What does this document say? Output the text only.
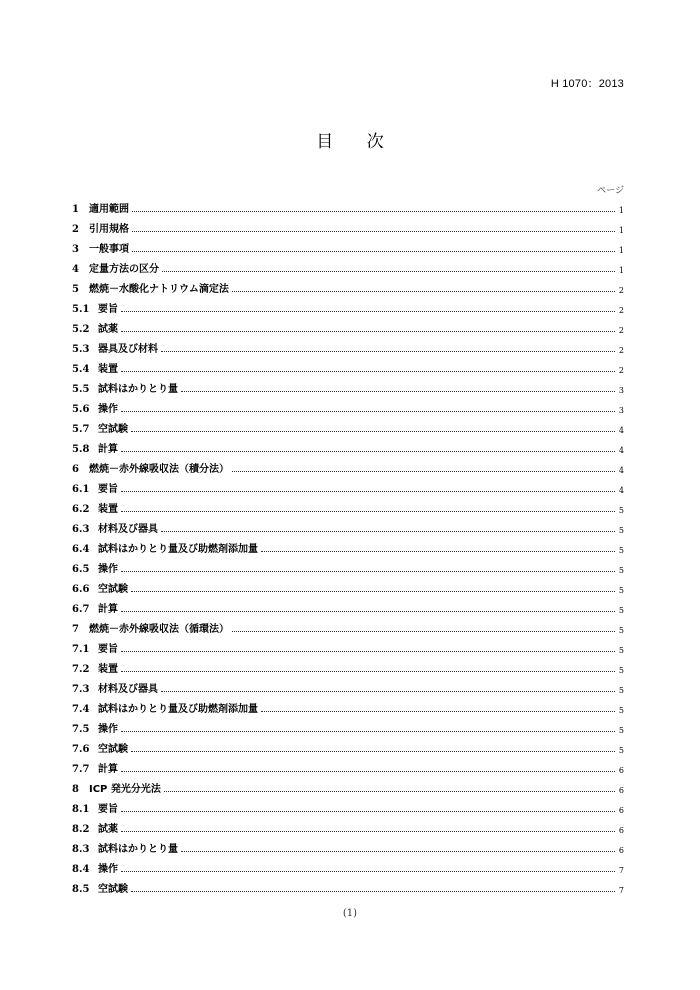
H 1070：2013
目 次
ページ
1	適用範囲	1
2	引用規格	1
3	一般事項	1
4	定量方法の区分	1
5	燃焼－水酸化ナトリウム滴定法	2
5.1 要旨	2
5.2 試薬	2
5.3 器具及び材料	2
5.4 装置	2
5.5 試料はかりとり量	3
5.6 操作	3
5.7 空試験	4
5.8 計算	4
6	燃焼－赤外線吸収法（積分法）	4
6.1 要旨	4
6.2 装置	5
6.3 材料及び器具	5
6.4 試料はかりとり量及び助燃剤添加量	5
6.5 操作	5
6.6 空試験	5
6.7 計算	5
7	燃焼－赤外線吸収法（循環法）	5
7.1 要旨	5
7.2 装置	5
7.3 材料及び器具	5
7.4 試料はかりとり量及び助燃剤添加量	5
7.5 操作	5
7.6 空試験	5
7.7 計算	6
8	ICP 発光分光法	6
8.1 要旨	6
8.2 試薬	6
8.3 試料はかりとり量	6
8.4 操作	7
8.5 空試験	7
(1)
